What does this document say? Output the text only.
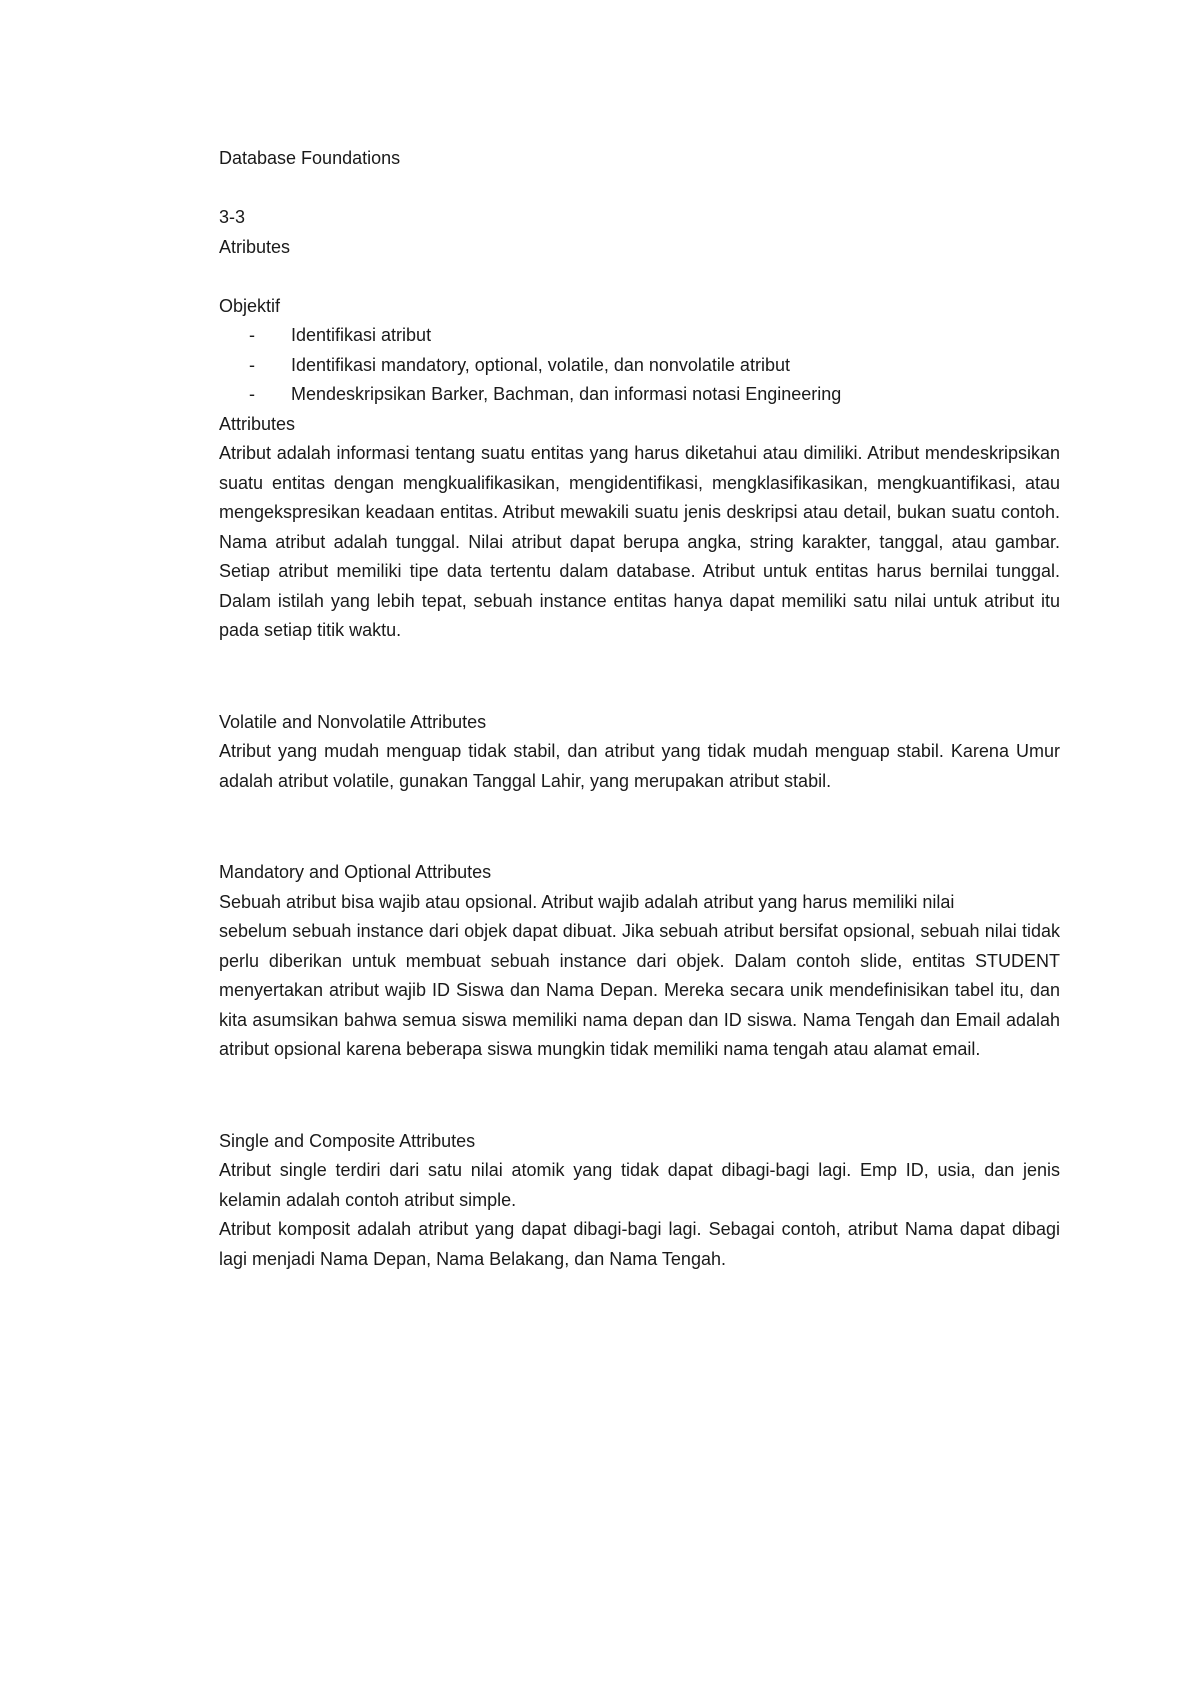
Database Foundations
3-3
Atributes
Objektif
- Identifikasi atribut
- Identifikasi mandatory, optional, volatile, dan nonvolatile atribut
- Mendeskripsikan Barker, Bachman, dan informasi notasi Engineering
Attributes

Atribut adalah informasi tentang suatu entitas yang harus diketahui atau dimiliki. Atribut mendeskripsikan suatu entitas dengan mengkualifikasikan, mengidentifikasi, mengklasifikasikan, mengkuantifikasi, atau mengekspresikan keadaan entitas. Atribut mewakili suatu jenis deskripsi atau detail, bukan suatu contoh. Nama atribut adalah tunggal. Nilai atribut dapat berupa angka, string karakter, tanggal, atau gambar. Setiap atribut memiliki tipe data tertentu dalam database. Atribut untuk entitas harus bernilai tunggal. Dalam istilah yang lebih tepat, sebuah instance entitas hanya dapat memiliki satu nilai untuk atribut itu pada setiap titik waktu.

Volatile and Nonvolatile Attributes

Atribut yang mudah menguap tidak stabil, dan atribut yang tidak mudah menguap stabil. Karena Umur adalah atribut volatile, gunakan Tanggal Lahir, yang merupakan atribut stabil.

Mandatory and Optional Attributes

Sebuah atribut bisa wajib atau opsional. Atribut wajib adalah atribut yang harus memiliki nilai

sebelum sebuah instance dari objek dapat dibuat. Jika sebuah atribut bersifat opsional, sebuah nilai tidak perlu diberikan untuk membuat sebuah instance dari objek. Dalam contoh slide, entitas STUDENT menyertakan atribut wajib ID Siswa dan Nama Depan. Mereka secara unik mendefinisikan tabel itu, dan kita asumsikan bahwa semua siswa memiliki nama depan dan ID siswa. Nama Tengah dan Email adalah atribut opsional karena beberapa siswa mungkin tidak memiliki nama tengah atau alamat email.

Single and Composite Attributes

Atribut single terdiri dari satu nilai atomik yang tidak dapat dibagi-bagi lagi. Emp ID, usia, dan jenis kelamin adalah contoh atribut simple.

Atribut komposit adalah atribut yang dapat dibagi-bagi lagi. Sebagai contoh, atribut Nama dapat dibagi lagi menjadi Nama Depan, Nama Belakang, dan Nama Tengah.
